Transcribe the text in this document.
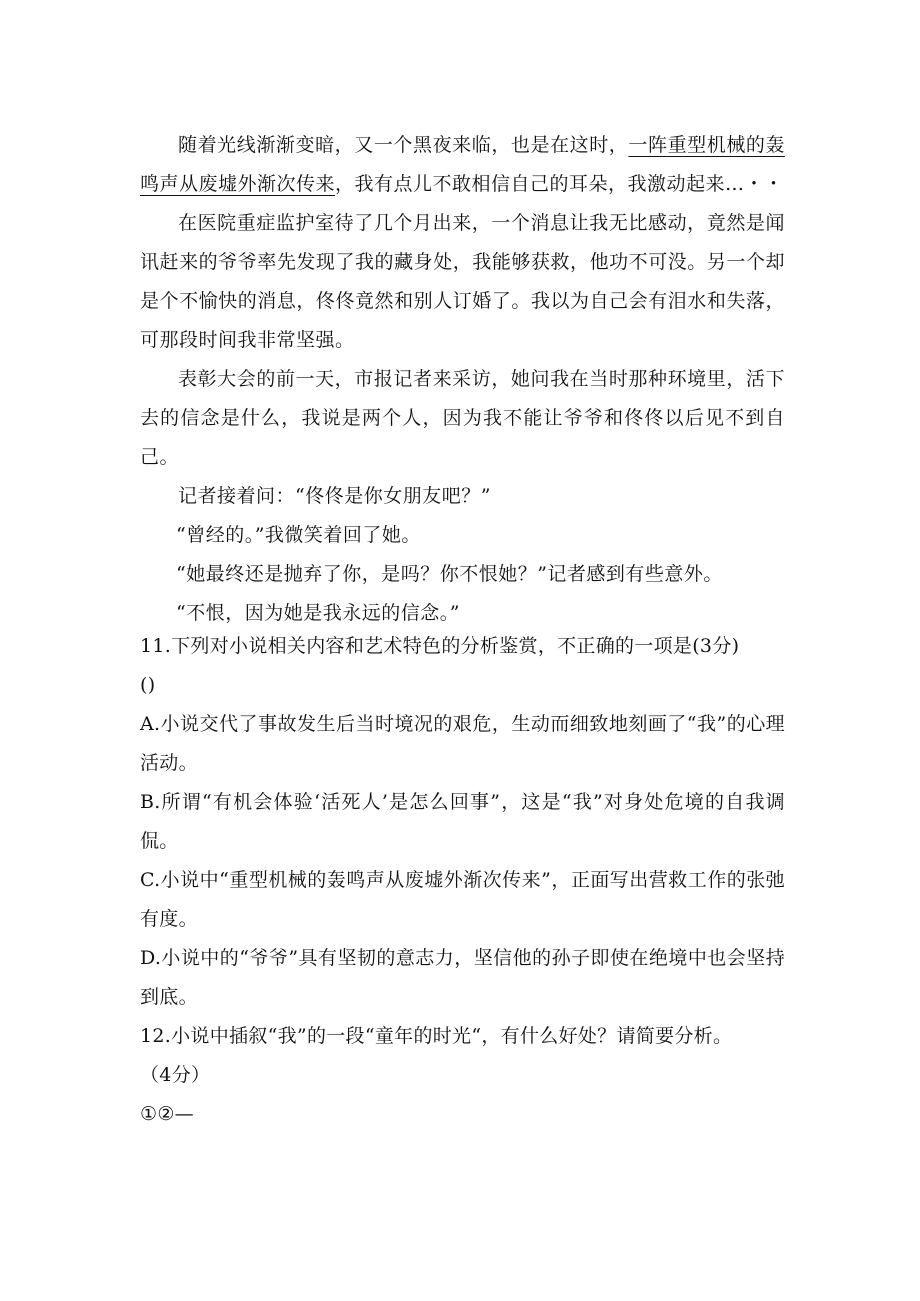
随着光线渐渐变暗，又一个黑夜来临，也是在这时，一阵重型机械的轰鸣声从废墟外渐次传来，我有点儿不敢相信自己的耳朵，我激动起来…・・

在医院重症监护室待了几个月出来，一个消息让我无比感动，竟然是闻讯赶来的爷爷率先发现了我的藏身处，我能够获救，他功不可没。另一个却是个不愉快的消息，佟佟竟然和别人订婚了。我以为自己会有泪水和失落，可那段时间我非常坚强。

表彰大会的前一天，市报记者来采访，她问我在当时那种环境里，活下去的信念是什么，我说是两个人，因为我不能让爷爷和佟佟以后见不到自己。

记者接着问：“佟佟是你女朋友吧？”

“曾经的。”我微笑着回了她。

“她最终还是抛弃了你，是吗？你不恨她？”记者感到有些意外。

“不恨，因为她是我永远的信念。”

11.下列对小说相关内容和艺术特色的分析鉴赏，不正确的一项是(3分)

()

A.小说交代了事故发生后当时境况的艰危，生动而细致地刻画了“我”的心理活动。

B.所谓“有机会体验‘活死人’是怎么回事”，这是“我”对身处危境的自我调侃。

C.小说中“重型机械的轰鸣声从废墟外渐次传来”，正面写出营救工作的张弛有度。

D.小说中的“爷爷”具有坚韧的意志力，坚信他的孙子即使在绝境中也会坚持到底。

12.小说中插叙“我”的一段“童年的时光“，有什么好处？请简要分析。

（4分）

①②—
